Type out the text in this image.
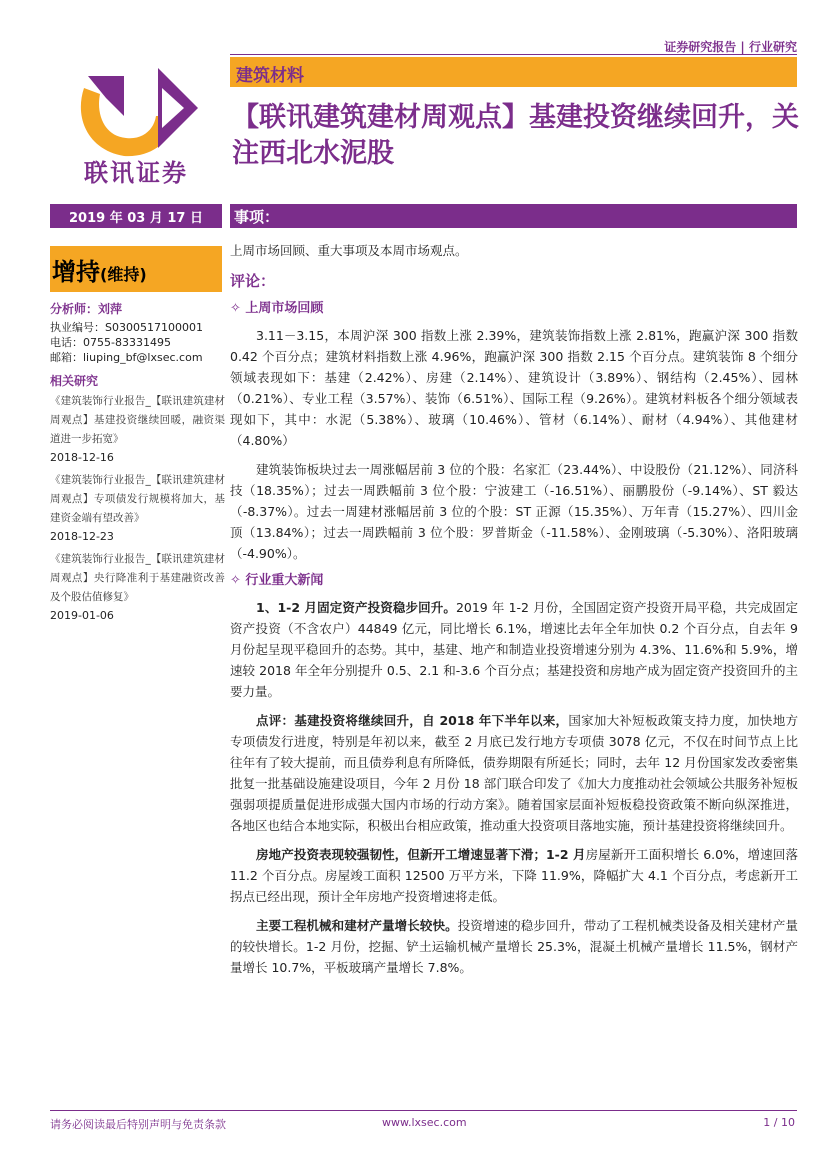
证券研究报告 | 行业研究
建筑材料
【联讯建筑建材周观点】基建投资继续回升，关注西北水泥股
联讯证券
2019 年 03 月 17 日	事项：
增持(维持)
分析师：刘萍
执业编号：S0300517100001
电话：0755-83331495
邮箱：liuping_bf@lxsec.com
相关研究
《建筑装饰行业报告_【联讯建筑建材周观点】基建投资继续回暖，融资渠道进一步拓宽》
2018-12-16
《建筑装饰行业报告_【联讯建筑建材周观点】专项债发行规模将加大，基建资金端有望改善》
2018-12-23
《建筑装饰行业报告_【联讯建筑建材周观点】央行降准利于基建融资改善及个股估值修复》
2019-01-06

上周市场回顾、重大事项及本周市场观点。

评论：
✧ 上周市场回顾

3.11－3.15，本周沪深 300 指数上涨 2.39%，建筑装饰指数上涨 2.81%，跑赢沪深 300 指数 0.42 个百分点；建筑材料指数上涨 4.96%，跑赢沪深 300 指数 2.15 个百分点。建筑装饰 8 个细分领域表现如下：基建（2.42%）、房建（2.14%）、建筑设计（3.89%）、钢结构（2.45%）、园林（0.21%）、专业工程（3.57%）、装饰（6.51%）、国际工程（9.26%）。建筑材料板各个细分领域表现如下，其中：水泥（5.38%）、玻璃（10.46%）、管材（6.14%）、耐材（4.94%）、其他建材（4.80%）

建筑装饰板块过去一周涨幅居前 3 位的个股：名家汇（23.44%）、中设股份（21.12%）、同济科技（18.35%）；过去一周跌幅前 3 位个股：宁波建工（-16.51%）、丽鹏股份（-9.14%）、ST 毅达（-8.37%）。过去一周建材涨幅居前 3 位的个股：ST 正源（15.35%）、万年青（15.27%）、四川金顶（13.84%）；过去一周跌幅前 3 位个股：罗普斯金（-11.58%）、金刚玻璃（-5.30%）、洛阳玻璃（-4.90%）。

✧ 行业重大新闻

1、1-2 月固定资产投资稳步回升。2019 年 1-2 月份，全国固定资产投资开局平稳，共完成固定资产投资（不含农户）44849 亿元，同比增长 6.1%，增速比去年全年加快 0.2 个百分点，自去年 9 月份起呈现平稳回升的态势。其中，基建、地产和制造业投资增速分别为 4.3%、11.6%和 5.9%，增速较 2018 年全年分别提升 0.5、2.1 和-3.6 个百分点；基建投资和房地产成为固定资产投资回升的主要力量。

点评：基建投资将继续回升，自 2018 年下半年以来，国家加大补短板政策支持力度，加快地方专项债发行进度，特别是年初以来，截至 2 月底已发行地方专项债 3078 亿元，不仅在时间节点上比往年有了较大提前，而且债券利息有所降低，债券期限有所延长；同时，去年 12 月份国家发改委密集批复一批基础设施建设项目，今年 2 月份 18 部门联合印发了《加大力度推动社会领域公共服务补短板强弱项提质量促进形成强大国内市场的行动方案》。随着国家层面补短板稳投资政策不断向纵深推进，各地区也结合本地实际，积极出台相应政策，推动重大投资项目落地实施，预计基建投资将继续回升。

房地产投资表现较强韧性，但新开工增速显著下滑；1-2 月房屋新开工面积增长 6.0%，增速回落 11.2 个百分点。房屋竣工面积 12500 万平方米，下降 11.9%，降幅扩大 4.1 个百分点，考虑新开工拐点已经出现，预计全年房地产投资增速将走低。

主要工程机械和建材产量增长较快。投资增速的稳步回升，带动了工程机械类设备及相关建材产量的较快增长。1-2 月份，挖掘、铲土运输机械产量增长 25.3%，混凝土机械产量增长 11.5%，钢材产量增长 10.7%，平板玻璃产量增长 7.8%。

请务必阅读最后特别声明与免责条款	www.lxsec.com	1 / 10
